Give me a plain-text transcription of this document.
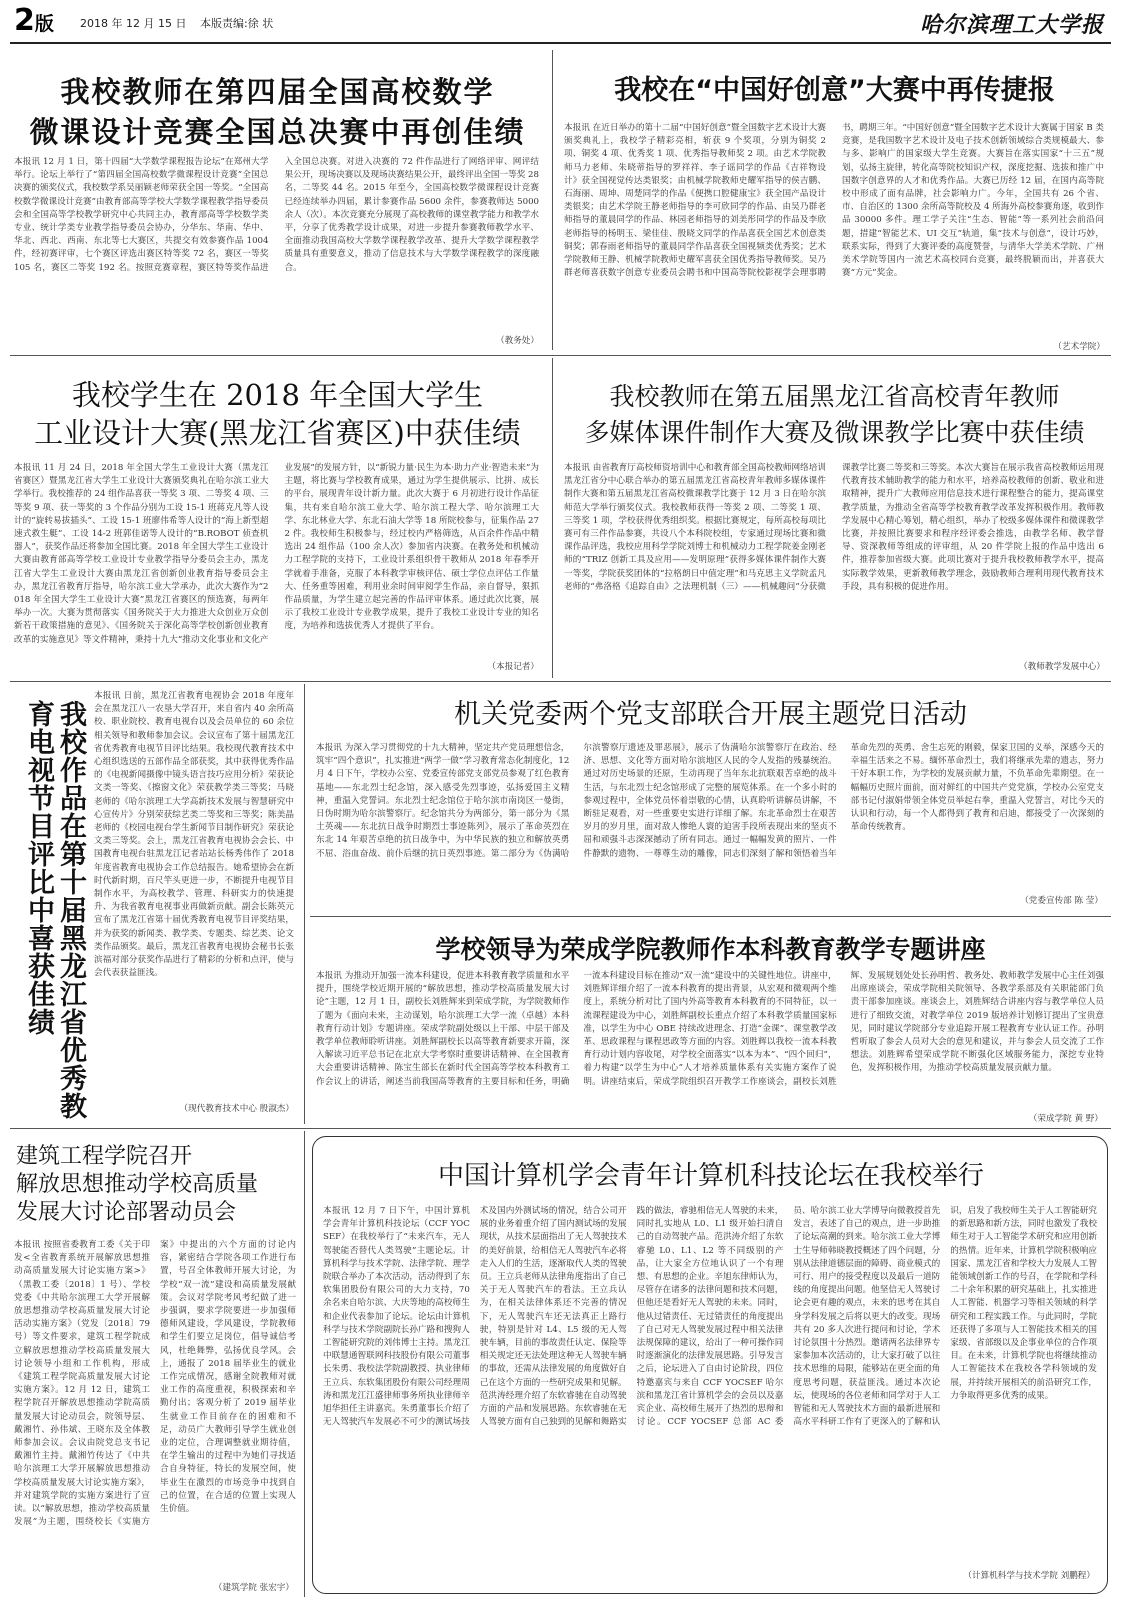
2版 2018 年 12 月 15 日 本版责编:徐 状	哈尔滨理工大学报
我校教师在第四届全国高校数学
微课设计竞赛全国总决赛中再创佳绩
本报讯 12 月 1 日，第十四届“大学数学课程报告论坛”在郑州大学举行。论坛上举行了“第四届全国高校数学微课程设计竞赛”全国总决赛的颁奖仪式，我校数学系吴丽颖老师荣获全国一等奖。“全国高校数学微课设计竞赛”由教育部高等学校大学数学课程教学指导委员会和全国高等学校教学研究中心共同主办，教育部高等学校数学类专业、统计学类专业教学指导委员会协办，分华东、华南、华中、华北、西北、西南、东北等七大赛区，共提交有效参赛作品 1004 件，经初赛评审，七个赛区评选出赛区特等奖 72 名，赛区一等奖 105 名，赛区二等奖 192 名。按照竞赛章程，赛区特等奖作品进入全国总决赛。对进入决赛的 72 件作品进行了网络评审、网评结果公开，现场决赛以及现场决赛结果公开，最终评出全国一等奖 28 名，二等奖 44 名。2015 年至今，全国高校数学微课程设计竞赛已经连续举办四届，累计参赛作品 5600 余件，参赛教师达 5000 余人（次）。本次竞赛充分展现了高校教师的课堂教学能力和教学水平，分享了优秀教学设计成果，对进一步提升参赛教师教学水平、全面推动我国高校大学数学课程教学改革、提升大学数学课程教学质量具有重要意义，推动了信息技术与大学数学课程教学的深度融合。
（教务处）
我校在“中国好创意”大赛中再传捷报
本报讯 在近日举办的第十二届“中国好创意”暨全国数字艺术设计大赛颁奖典礼上，我校学子精彩亮相，斩获 9 个奖项，分别为铜奖 2 项、铜奖 4 项、优秀奖 1 项、优秀指导教师奖 2 项。由艺术学院教师马力老师、朱晓蒂指导的罗祥祥、李子谣同学的作品《吉祥物设计》获全国视觉传达类银奖；由机械学院教师史耀军指导的侯吉鹏、石海丽、周坤、周楚同学的作品《便携口腔健康宝》获全国产品设计类银奖；由艺术学院王静老师指导的李可欣同学的作品、由吴乃群老师指导的董晨同学的作品、林园老师指导的刘美彤同学的作品及李欣老师指导的杨明玉、梁佳佳、殷晓文同学的作品喜获全国艺术创意类铜奖；郭春雨老师指导的董晨同学作品喜获全国视频类优秀奖；艺术学院教师王静、机械学院教师史耀军喜获全国优秀指导教师奖。吴乃群老师喜获数字创意专业委员会聘书和中国高等院校影视学会理事聘书，聘期三年。“中国好创意”暨全国数字艺术设计大赛属于国家 B 类竞赛，是我国数字艺术设计及电子技术创新领域综合类规模最大、参与多、影响广的国家级大学生竞赛。大赛旨在落实国家“十三五”规划，弘扬主旋律，转化高等院校知识产权，深度挖掘、选拔和推广中国数字创意界的人才和优秀作品。大赛已历经 12 届，在国内高等院校中形成了面有品牌，社会影响力广。今年，全国共有 26 个省、市、自治区的 1300 余所高等院校及 4 所海外高校参赛角逐，收到作品 30000 多件。理工学子关注“生态、智能”等一系列社会前沿问题，措建“智能艺术、UI 交互”轨道，集“技术与创意”，设计巧妙，联系实际，得到了大赛评委的高度赞誉，与清华大学美术学院、广州美术学院等国内一流艺术高校同台竞赛，最终脱颖而出，并喜获大赛“方元”奖金。
（艺术学院）
我校学生在 2018 年全国大学生
工业设计大赛(黑龙江省赛区)中获佳绩
本报讯 11 月 24 日，2018 年全国大学生工业设计大赛（黑龙江省赛区）暨黑龙江省大学生工业设计大赛颁奖典礼在哈尔滨工业大学举行。我校推荐的 24 组作品喜获一等奖 3 项、二等奖 4 项、三等奖 9 项、获一等奖的 3 个作品分别为工设 15-1 班蒋克凡等人设计的“旋转易拔插头”、工设 15-1 班廖伟希等人设计的“海上新型超速式救生艇”、工设 14-2 班郭佳诺等人设计的“B.ROBOT 侦查机器人”，获奖作品还将参加全国比赛。2018 年全国大学生工业设计大赛由教育部高等学校工业设计专业教学指导分委员会主办，黑龙江省大学生工业设计大赛由黑龙江省创新创业教育指导委员会主办，黑龙江省教育厅指导，哈尔滨工业大学承办，此次大赛作为“2018 年全国大学生工业设计大赛”黑龙江省赛区的预选赛，每两年举办一次。大赛为贯彻落实《国务院关于大力推进大众创业万众创新若干政策措施的意见》、《国务院关于深化高等学校创新创业教育改革的实施意见》等文件精神，秉持十九大“推动文化事业和文化产业发展”的发展方针，以“新锐力量·民生为本·助力产业·智造未来”为主题，将比赛与学校教育成果，通过为学生提供展示、比拼、成长的平台，展现青年设计新力量。此次大赛于 6 月初进行设计作品征集，共有来自哈尔滨工业大学、哈尔滨工程大学、哈尔滨理工大学、东北林业大学、东北石油大学等 18 所院校参与，征集作品 272 件。我校师生积极参与，经过校内严格筛选，从百余件作品中精选出 24 组作品（100 余人次）参加省内决赛。在教务处和机械动力工程学院的支持下，工业设计系组织骨干教师从 2018 年春季开学就着手准备，克服了本科教学审核评估、硕士学位点评估工作量大、任务重等困难，利用业余时间审阅学生作品，亲自督导，狠抓作品质量，为学生建立起完善的作品评审体系。通过此次比赛，展示了我校工业设计专业教学成果，提升了我校工业设计专业的知名度，为培养和选拔优秀人才提供了平台。
（本报记者）
我校教师在第五届黑龙江省高校青年教师
多媒体课件制作大赛及微课教学比赛中获佳绩
本报讯 由省教育厅高校师资培训中心和教育部全国高校教师网络培训黑龙江省分中心联合举办的第五届黑龙江省高校青年教师多媒体课件制作大赛和第五届黑龙江省高校微课教学比赛于 12 月 3 日在哈尔滨师范大学举行颁奖仪式。我校教师获得一等奖 2 项、二等奖 1 项、三等奖 1 项，学校获得优秀组织奖。根据比赛规定，每所高校每项比赛可有三件作品参赛，共设八个本科院校组，专家通过现场比赛和微课作品评选，我校应用科学学院刘博士和机械动力工程学院姜金刚老师的“TRIZ 创新工具及应用——发明原理”获得多媒体课件制作大赛一等奖，学院获奖团体的“拉格朗日中值定理”和马克思主义学院孟凡老师的“弗洛格《追踪自由》之法理机制（三）——机械趣问”分获微课教学比赛二等奖和三等奖。本次大赛旨在展示我省高校教师运用现代教育技术辅助教学的能力和水平，培养高校教师的创新、敬业和进取精神，提升广大教师应用信息技术进行课程整合的能力，提高课堂教学质量，为推动全省高等学校教育教学改革发挥积极作用。教师教学发展中心精心筹划，精心组织，举办了校级多媒体课件和微课教学比赛，并按照比赛要求和程序经评委会推选，由教学名师、教学督导、资深教师等组成的评审组，从 20 件学院上报的作品中选出 6 件，推荐参加省级大赛。此项比赛对于提升我校教师教学水平，提高实际教学效果，更新教师教学理念，鼓励教师合理利用现代教育技术手段，具有积极的促进作用。
（教师教学发展中心）
我校作品在第十届黑龙江省优秀教育电视节目评比中喜获佳绩
本报讯 日前，黑龙江省教育电视协会 2018 年度年会在黑龙江八一农垦大学召开，来自省内 40 余所高校、职业院校、教育电视台以及会员单位的 60 余位相关领导和教师参加会议。会议宣布了第十届黑龙江省优秀教育电视节目评比结果。我校现代教育技术中心组织选送的五部作品全部获奖，其中获得优秀作品的《电视新闻摄像中镜头语言技巧应用分析》荣获论文类一等奖、《擦窗文化》荣获教学类三等奖；马晓老师的《哈尔滨理工大学高新技术发展与智慧研究中心宣传片》分别荣获综艺类二等奖和三等奖；陈美晶老师的《校园电视台学生新闻节目制作研究》荣获论文类三等奖。会上，黑龙江省教育电视协会会长、中国教育电视台驻黑龙江记者站站长杨秀伟作了 2018 年度省教育电视协会工作总结报告。她希望协会在新时代新时期，百尺竿头更进一步，不断提升电视节目制作水平，为高校教学、管理、科研实力的快速提升、为我省教育电视事业再做新贡献。副会长陈英元宣布了黑龙江省第十届优秀教育电视节目评奖结果，并为获奖的新闻类、教学类、专题类、综艺类、论文类作品颁奖。最后，黑龙江省教育电视协会秘书长张滨福对部分获奖作品进行了精彩的分析和点评，使与会代表获益匪浅。
（现代教育技术中心 殷淑杰）
机关党委两个党支部联合开展主题党日活动
本报讯 为深入学习贯彻党的十九大精神，坚定共产党员理想信念，筑牢“四个意识”，扎实推进“两学一做”学习教育常态化制度化，12 月 4 日下午，学校办公室、党委宣传部党支部党员参观了红色教育基地——东北烈士纪念馆，深入感受先烈事迹，弘扬爱国主义精神，重温入党誓词。东北烈士纪念馆位于哈尔滨市南岗区一曼街，日伪时期为哈尔滨警察厅。纪念馆共分为两部分，第一部分为《黑土英魂——东北抗日战争时期烈士事迹陈列》，展示了革命英烈在东北 14 年艰苦卓绝的抗日战争中，为中华民族的独立和解放英勇不屈、浴血奋战、前仆后继的抗日英烈事迹。第二部分为《伪满哈尔滨警察厅遗迹及罪恶展》，展示了伪满哈尔滨警察厅在政治、经济、思想、文化等方面对哈尔滨地区人民的令人发指的残暴统治。通过对历史场景的还原，生动再现了当年东北抗联艰苦卓绝的战斗生活，与东北烈士纪念馆形成了完整的展览体系。在一个多小时的参观过程中，全体党员怀着崇敬的心情，认真聆听讲解员讲解，不断驻足观看，对一些重要史实进行详细了解。东北革命烈士在艰苦岁月的岁月里，面对敌人惨绝人寰的迫害手段所表现出来的坚贞不屈和顽强斗志深深撼动了所有同志。通过一幅幅发黄的照片、一件件静默的遗物、一尊尊生动的雕像，同志们深刻了解和领悟着当年革命先烈的英勇、舍生忘死的刚毅，保家卫国的义举，深感今天的幸福生活来之不易。缅怀革命烈士，我们将继承先辈的遗志，努力干好本职工作，为学校的发展贡献力量，不负革命先辈期望。在一幅幅历史照片面前，面对鲜红的中国共产党党旗，学校办公室党支部书记付淑娟带领全体党员举起右拳，重温入党誓言，对比今天的认识和行动，每一个人都得到了教育和启迪，都接受了一次深刻的革命传统教育。
（党委宣传部 陈 莹）
学校领导为荣成学院教师作本科教育教学专题讲座
本报讯 为推动开加强一流本科建设，促进本科教育教学质量和水平提升，围绕学校近期开展的“解放思想，推动学校高质量发展大讨论”主题，12 月 1 日，副校长刘胜辉来到荣成学院，为学院教师作了题为《面向未来，主动谋划，哈尔滨理工大学一流（卓越）本科教育行动计划》专题讲座。荣成学院副处级以上干部、中层干部及教学单位教师聆听讲座。刘胜辉副校长以高等教育新要求开篇，深入解读习近平总书记在北京大学考察时重要讲话精神、在全国教育大会重要讲话精神、陈宝生部长在新时代全国高等学校本科教育工作会议上的讲话，阐述当前我国高等教育的主要目标和任务，明确一流本科建设目标在推动“双一流”建设中的关键性地位。讲座中，刘胜辉详细介绍了一流本科教育的提出背景，从宏观和微观两个维度上，系统分析对比了国内外高等教育本科教育的不同特征，以一流课程建设为中心，刘胜辉副校长重点介绍了本科教学质量国家标准，以学生为中心 OBE 持续改进理念、打造“金课”、课堂教学改革、思政课程与课程思政等方面的内容。刘胜辉以我校一流本科教育行动计划内容收尾，对学校全面落实“以本为本”、“四个回归”，着力构建“以学生为中心”人才培养质量体系有关实施方案作了说明。讲座结束后，荣成学院组织召开教学工作座谈会，副校长刘胜辉、发展规划处处长孙明哲、教务处、教师教学发展中心主任刘强出席座谈会，荣成学院相关院领导、各教学系部及有关职能部门负责干部参加座谈。座谈会上，刘胜辉结合讲座内容与教学单位人员进行了细致交流，对教学单位 2019 版培养计划修订提出了宝贵意见，同时建议学院部分专业追踪开展工程教育专业认证工作。孙明哲听取了参会人员对大会的意见和建议，并与参会人员交流了工作想法。刘胜辉希望荣成学院不断强化区域服务能力，深挖专业特色，发挥积极作用，为推动学校高质量发展贡献力量。
（荣成学院 黄 野）
建筑工程学院召开
解放思想推动学校高质量
发展大讨论部署动员会
本报讯 按照省委教育工委《关于印发<全省教育系统开展解放思想推动高质量发展大讨论实施方案>》（黑教工委〔2018〕1 号）、学校党委《中共哈尔滨理工大学开展解放思想推动学校高质量发展大讨论活动实施方案》（党发〔2018〕79 号）等文件要求，建筑工程学院成立解放思想推动学校高质量发展大讨论领导小组和工作机构，形成《建筑工程学院高质量发展大讨论实施方案》。12 月 12 日，建筑工程学院召开解放思想推动学院高质量发展大讨论动员会，院领导层、戴湘竹、孙伟斌、王晓东及全体教师参加会议。会议由院党总支书记戴湘竹主持。戴湘竹传达了《中共哈尔滨理工大学开展解放思想推动学校高质量发展大讨论实施方案》，并对建筑学院的实施方案进行了宣读。以“解放思想，推动学校高质量发展”为主题，围绕校长《实施方案》中提出的六个方面的讨论内容，紧密结合学院各项工作进行布置，号召全体教师开展大讨论，为学校“双一流”建设和高质量发展献策。会议对学院考风考纪做了进一步强调，要求学院要进一步加强师德师风建设，学风建设，学院教师和学生们要立足岗位，倡导诚信考风，杜绝舞弊，弘扬优良学风。会上，通报了 2018 届毕业生的就业工作完成情况，感谢全院教师对就业工作的高度重视，积极探索和辛勤付出；客观分析了 2019 届毕业生就业工作目前存在的困难和不足，动员广大教师引导学生就业创业的定位，合理调整就业期待值，在学生输出的过程中为她们寻找适合自身特征，特长的发展空间，使毕业生在激烈的市场竞争中找到自己的位置，在合适的位置上实现人生价值。
（建筑学院 张宏宇）
中国计算机学会青年计算机科技论坛在我校举行
本报讯 12 月 7 日下午，中国计算机学会青年计算机科技论坛（CCF YOCSEF）在我校举行了“未来汽车，无人驾驶能否替代人类驾驶”主题论坛。计算机科学与技术学院、法律学院、理学院联合举办了本次活动，活动得到了东软集团股份有限公司的大力支持，70 余名来自哈尔滨、大庆等地的高校师生和企业代表参加了论坛。论坛由计算机科学与技术学院副院长孙广路和搜狗人工智能研究院的刘伟博士主持。黑龙江中联慧通智联网科技股份有限公司董事长朱勇、我校法学院副教授、执业律师王立兵、东软集团股份有限公司经理周涛和黑龙江江盛律师事务所执业律师辛旭华担任主讲嘉宾。朱勇董事长介绍了无人驾驶汽车发展必不可少的测试场技术及国内外测试场的情况，结合公司开展的业务着重介绍了国内测试场的发展现状，从技术层面指出了无人驾驶技术的美好前景，给相信无人驾驶汽车必将走入人们的生活，逐渐取代人类的驾驶员。王立兵老师从法律角度指出了自己关于无人驾驶汽车的看法。王立兵认为，在相关法律体系还不完善的情况下，无人驾驶汽车还无法真正上路行驶，特别是针对 L4、L5 级的无人驾驶车辆，目前的事故责任认定、保险等相关规定还无法处理这种无人驾驶车辆的事故，还需从法律发展的角度做好自己在这个方面的一些研究成果和见解。范洪涛经理介绍了东软睿驰在自动驾驶方面的产品和发展思路。东软睿驰在无人驾驶方面有自己独到的见解和舞路实践的做法，睿驰相信无人驾驶的未来，同时扎实地从 L0、L1 级开始扫清自己的自动驾驶产品。范洪涛介绍了东软睿驰 L0、L1、L2 等不同级别的产品，让大家全方位地认识了一个有理想、有思想的企业。辛旭东律师认为，尽管存在诸多的法律问题和技术问题，但他还是看好无人驾驶的未来。同时，他从过错责任、无过错责任的角度提出了自己对无人驾驶发展过程中相关法律法规保障的建议，给出了一种可操作同时逐渐演化的法律发展思路。引导发言之后，论坛进入了自由讨论阶段，四位特邀嘉宾与来自 CCF YOCSEF 哈尔滨和黑龙江省计算机学会的会员以及嘉宾企业、高校师生展开了热烈的思辩和讨论。CCF YOCSEF 总部 AC 委员、哈尔滨工业大学博导向微教授首先发言，表述了自己的观点，进一步助推了论坛高潮的到来。哈尔滨工业大学博士生导师韩晓教授概述了四个问题，分别从法律道德层面的障碍、商业模式的可行、用户的接受程度以及最后一道防线的角度提出问题。他坚信无人驾驶讨论会更有趣的观点，未来的思考在其自身学科发展之后将以更大的改变。现场共有 20 多人次进行提问和讨论，学术讨论氛围十分热烈。邀请两名法律界专家参加本次活动的，让大家打破了以往技术思维的局限，能够站在更全面的角度思考问题，获益匪浅。通过本次论坛，使现场的各位老师和同学对于人工智能和无人驾驶技术方面的最新进展和高水平科研工作有了更深入的了解和认识，启发了我校师生关于人工智能研究的新思路和新方法，同时也激发了我校师生对于人工智能学术研究和应用创新的热情。近年来，计算机学院积极响应国家、黑龙江省和学校大力发展人工智能领域创新工作的号召，在学院和学科二十余年积累的研究基础上，扎实推进人工智能、机器学习等相关领域的科学研究和工程实践工作。与此同时，学院还获得了多项与人工智能技术相关的国家级、省部级以及企事业单位的合作项目。在未来，计算机学院也将继续推动人工智能技术在我校各学科领域的发展，并持续开展相关的前沿研究工作，力争取得更多优秀的成果。
（计算机科学与技术学院 刘鹏程）
